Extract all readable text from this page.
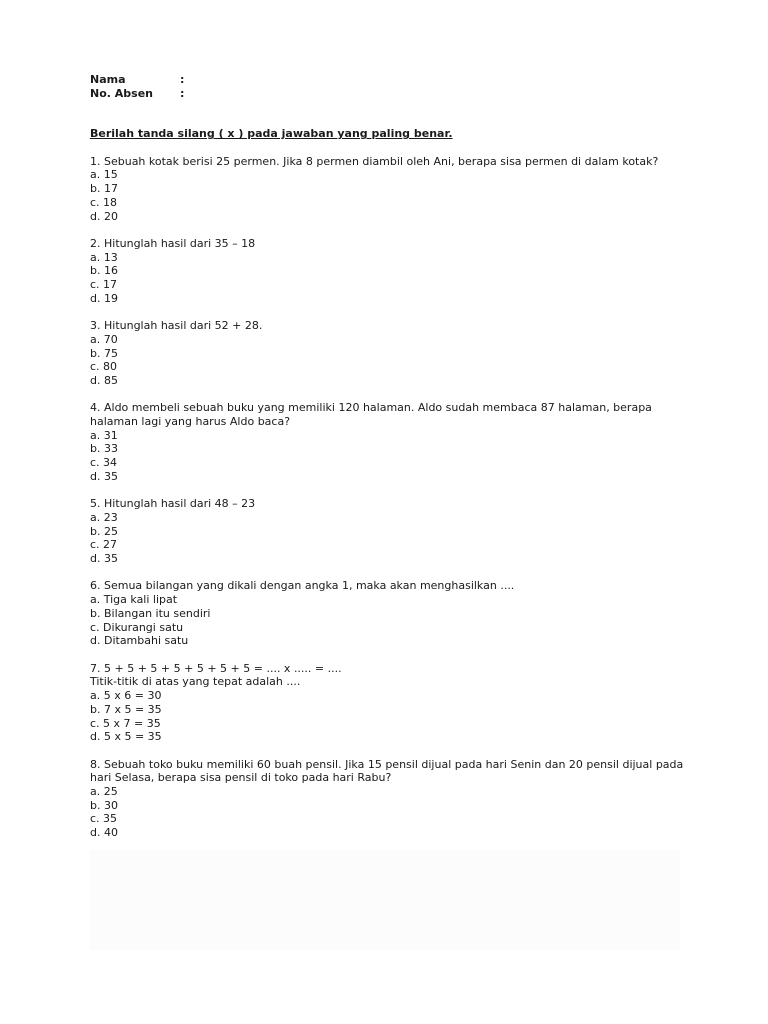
Nama	:
No. Absen	:
Berilah tanda silang ( x ) pada jawaban yang paling benar.
1. Sebuah kotak berisi 25 permen. Jika 8 permen diambil oleh Ani, berapa sisa permen di dalam kotak?
a. 15
b. 17
c. 18
d. 20
2. Hitunglah hasil dari 35 – 18
a. 13
b. 16
c. 17
d. 19
3. Hitunglah hasil dari 52 + 28.
a. 70
b. 75
c. 80
d. 85
4. Aldo membeli sebuah buku yang memiliki 120 halaman. Aldo sudah membaca 87 halaman, berapa halaman lagi yang harus Aldo baca?
a. 31
b. 33
c. 34
d. 35
5. Hitunglah hasil dari 48 – 23
a. 23
b. 25
c. 27
d. 35
6. Semua bilangan yang dikali dengan angka 1, maka akan menghasilkan ....
a. Tiga kali lipat
b. Bilangan itu sendiri
c. Dikurangi satu
d. Ditambahi satu
7. 5 + 5 + 5 + 5 + 5 + 5 + 5 = .... x ..... = ....
Titik-titik di atas yang tepat adalah ....
a. 5 x 6 = 30
b. 7 x 5 = 35
c. 5 x 7 = 35
d. 5 x 5 = 35
8. Sebuah toko buku memiliki 60 buah pensil. Jika 15 pensil dijual pada hari Senin dan 20 pensil dijual pada hari Selasa, berapa sisa pensil di toko pada hari Rabu?
a. 25
b. 30
c. 35
d. 40
